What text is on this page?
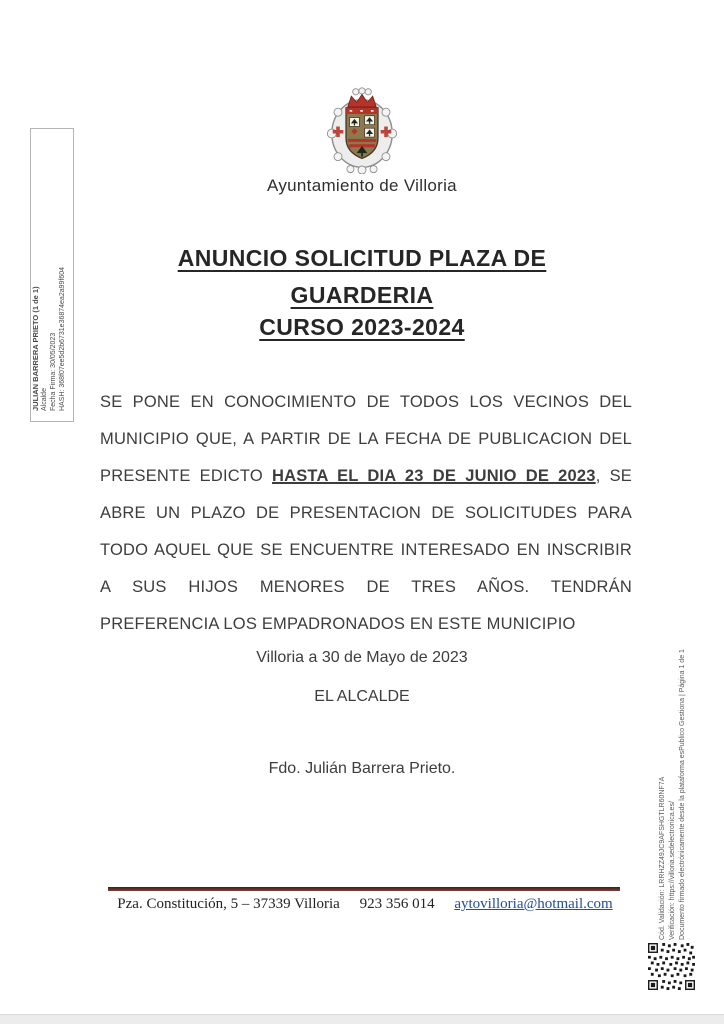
Ayuntamiento de Villoria
ANUNCIO SOLICITUD PLAZA DE
GUARDERIA
CURSO 2023-2024
SE PONE EN CONOCIMIENTO DE TODOS LOS VECINOS DEL MUNICIPIO QUE, A PARTIR DE LA FECHA DE PUBLICACION DEL PRESENTE EDICTO HASTA EL DIA 23 DE JUNIO DE 2023, SE ABRE UN PLAZO DE PRESENTACION DE SOLICITUDES PARA TODO AQUEL QUE SE ENCUENTRE INTERESADO EN INSCRIBIR A SUS HIJOS MENORES DE TRES AÑOS. TENDRÁN PREFERENCIA LOS EMPADRONADOS EN ESTE MUNICIPIO
Villoria a 30 de Mayo de 2023
EL ALCALDE
Fdo. Julián Barrera Prieto.
Pza. Constitución, 5 – 37339 Villoria 923 356 014 aytovilloria@hotmail.com
JULIAN BARRERA PRIETO (1 de 1) Alcalde Fecha Firma: 30/05/2023 HASH: 368f07ee5d2b6731e36874ea2a99f604
Cód. Validación: LRRHZZ49JC9AFSHGTLR60NF7A Verificación: https://villoria.sedelectronica.es/ Documento firmado electrónicamente desde la plataforma esPublico Gestiona | Página 1 de 1
